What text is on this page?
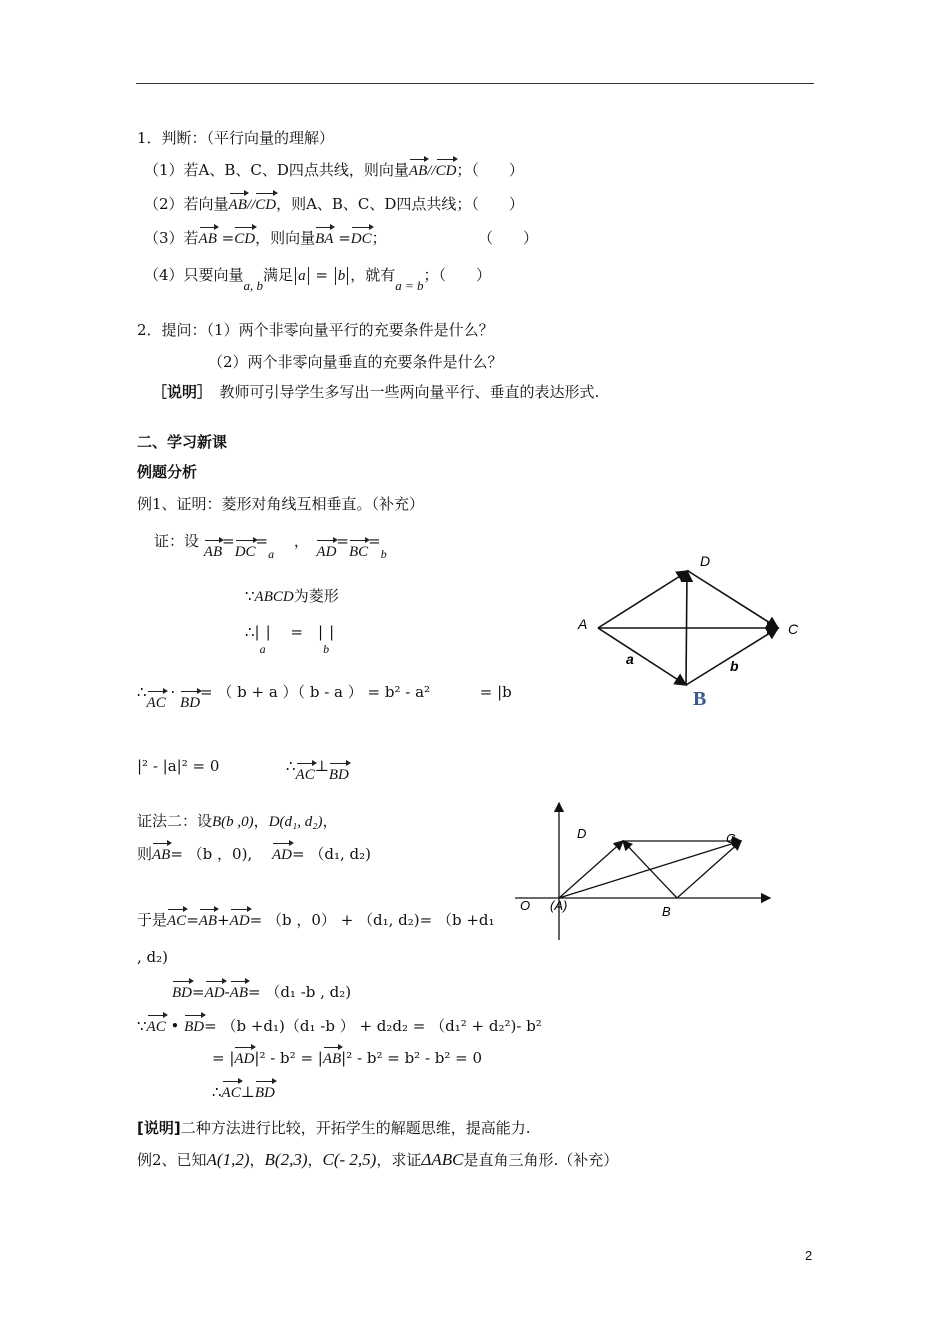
1．判断：（平行向量的理解）
（1）若A、B、C、D四点共线，则向量AB//CD；（　　）
（2）若向量AB//CD，则A、B、C、D四点共线；（　　）
（3）若AB =CD，则向量BA =DC；	（　　）
（4）只要向量a, b满足 a = b ，就有a = b；（　　）
2．提问：（1）两个非零向量平行的充要条件是什么？
（2）两个非零向量垂直的充要条件是什么？
［说明］　 教师可引导学生多写出一些两向量平行、垂直的表达形式.
二、学习新课
例题分析
例1、证明：菱形对角线互相垂直。（补充）
证：设 $AB=DC=_a$ 　，　$AD=BC=_b$
∵ABCD为菱形
$\therefore|_a|$ 　=　$|_b|$
∴AC · BD= （ b + a ）（ b - a ） = b² - a² 　　　= |b
|² - |a|² = 0	∴AC⊥BD
证法二：设B(b ,0)，D(d₁, d₂)，
则AB= （b ，0), 　 AD= （d₁, d₂)
于是AC=AB+AD= （b ，0） + （d₁, d₂)= （b +d₁
, d₂)
BD=AD-AB= （d₁ -b , d₂)
∵AC • BD= （b +d₁)（d₁ -b ） + d₂d₂ = （d₁² + d₂²)- b²
= |AD|² - b² = |AB|² - b² = b² - b² = 0
∴AC⊥BD
[说明]二种方法进行比较，开拓学生的解题思维，提高能力.
例2、已知A(1,2)，B(2,3)，C(- 2,5)，求证ΔABC是直角三角形.（补充）
2
A
D
C
B
a	b
O (A)	B
C
D
